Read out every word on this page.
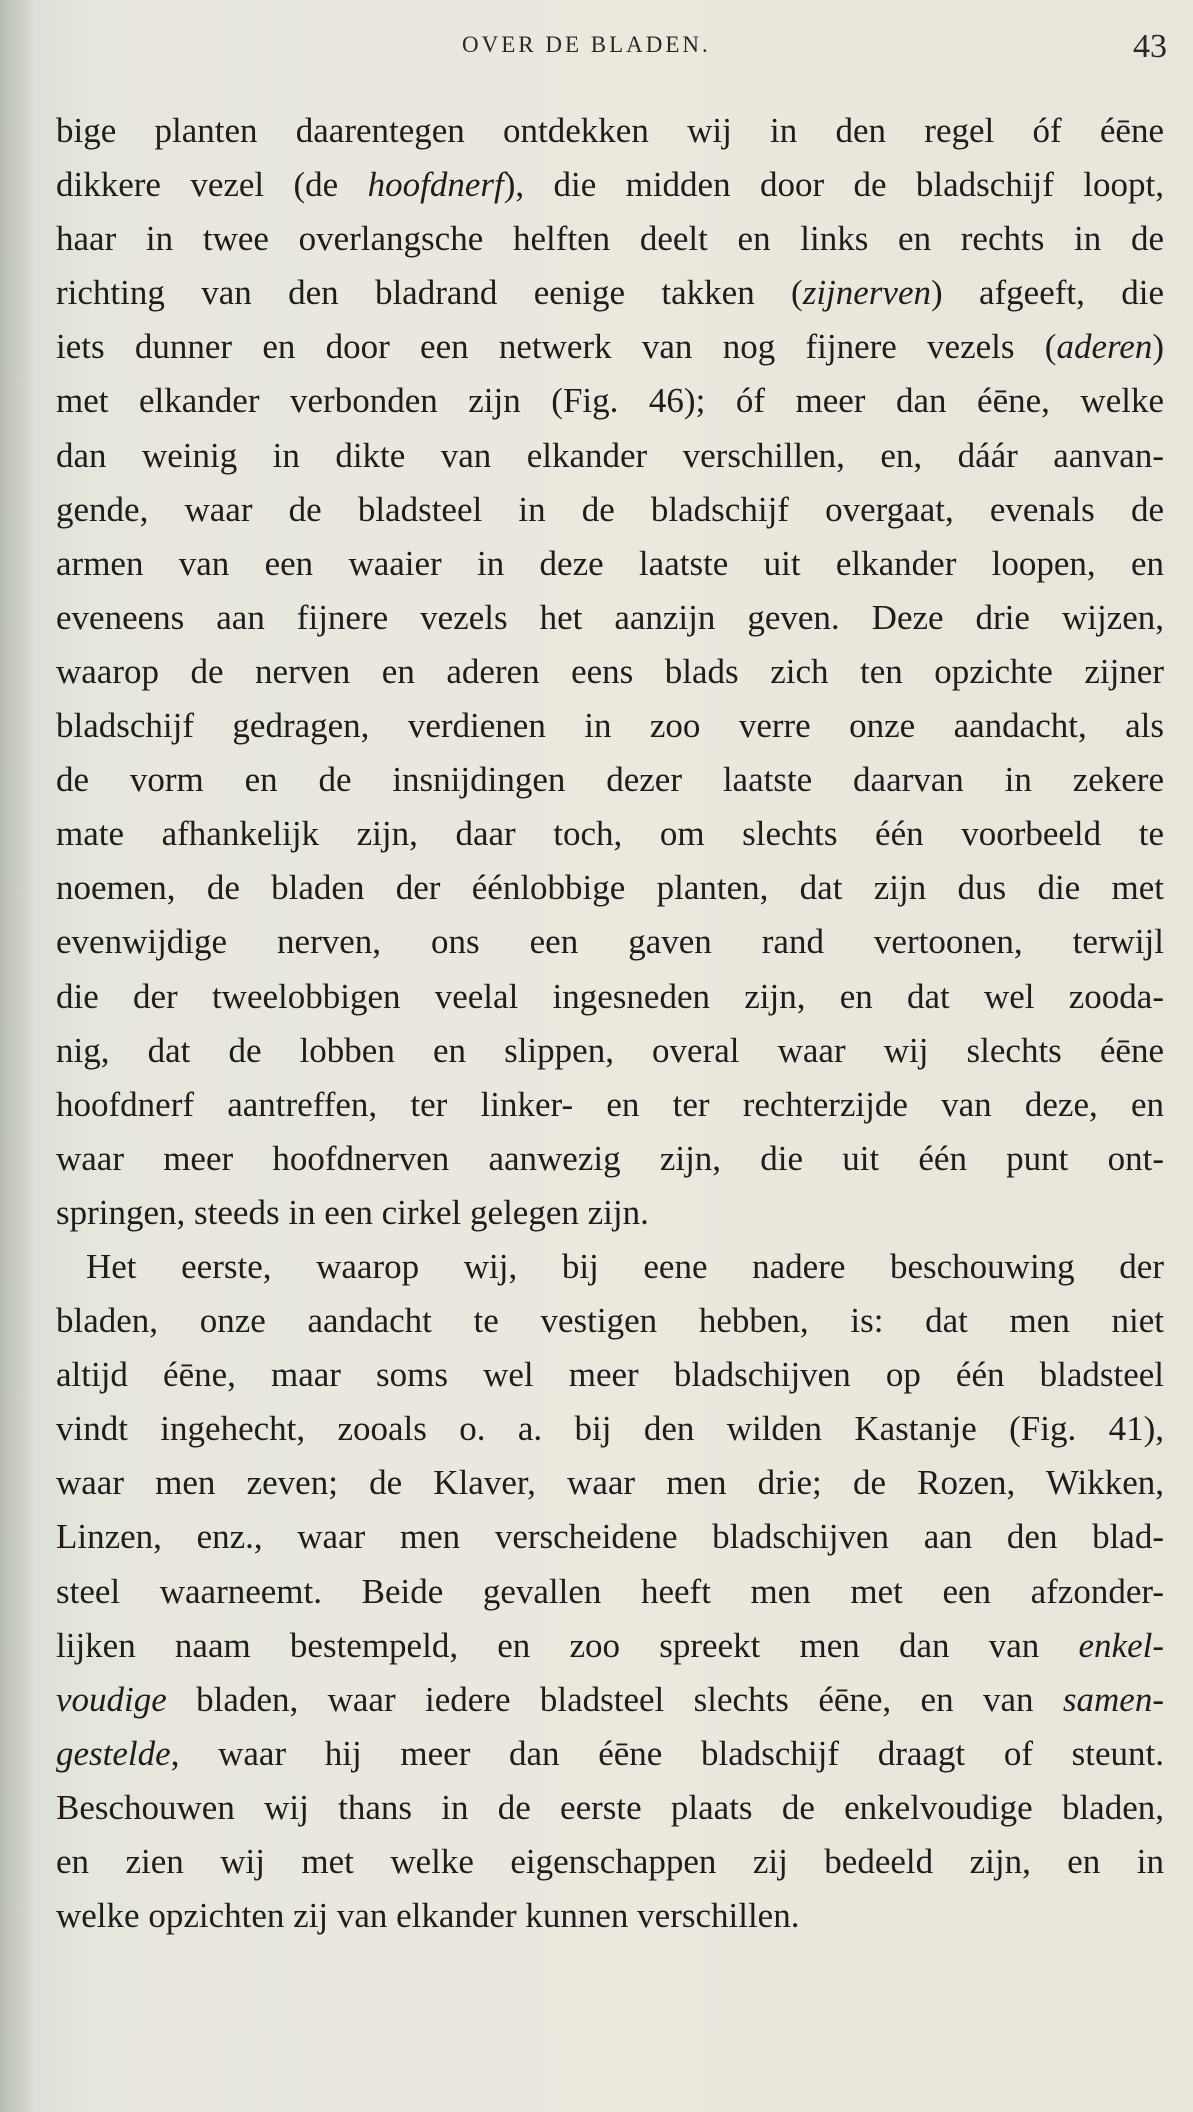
OVER DE BLADEN.	43
bige planten daarentegen ontdekken wij in den regel óf éēne
dikkere vezel (de hoofdnerf), die midden door de bladschijf loopt,
haar in twee overlangsche helften deelt en links en rechts in de
richting van den bladrand eenige takken (zijnerven) afgeeft, die
iets dunner en door een netwerk van nog fijnere vezels (aderen)
met elkander verbonden zijn (Fig. 46); óf meer dan éēne, welke
dan weinig in dikte van elkander verschillen, en, dáár aanvan-
gende, waar de bladsteel in de bladschijf overgaat, evenals de
armen van een waaier in deze laatste uit elkander loopen, en
eveneens aan fijnere vezels het aanzijn geven. Deze drie wijzen,
waarop de nerven en aderen eens blads zich ten opzichte zijner
bladschijf gedragen, verdienen in zoo verre onze aandacht, als
de vorm en de insnijdingen dezer laatste daarvan in zekere
mate afhankelijk zijn, daar toch, om slechts één voorbeeld te
noemen, de bladen der éénlobbige planten, dat zijn dus die met
evenwijdige nerven, ons een gaven rand vertoonen, terwijl
die der tweelobbigen veelal ingesneden zijn, en dat wel zooda-
nig, dat de lobben en slippen, overal waar wij slechts éēne
hoofdnerf aantreffen, ter linker- en ter rechterzijde van deze, en
waar meer hoofdnerven aanwezig zijn, die uit één punt ont-
springen, steeds in een cirkel gelegen zijn.
Het eerste, waarop wij, bij eene nadere beschouwing der
bladen, onze aandacht te vestigen hebben, is: dat men niet
altijd éēne, maar soms wel meer bladschijven op één bladsteel
vindt ingehecht, zooals o. a. bij den wilden Kastanje (Fig. 41),
waar men zeven; de Klaver, waar men drie; de Rozen, Wikken,
Linzen, enz., waar men verscheidene bladschijven aan den blad-
steel waarneemt. Beide gevallen heeft men met een afzonder-
lijken naam bestempeld, en zoo spreekt men dan van enkel-
voudige bladen, waar iedere bladsteel slechts éēne, en van samen-
gestelde, waar hij meer dan éēne bladschijf draagt of steunt.
Beschouwen wij thans in de eerste plaats de enkelvoudige bladen,
en zien wij met welke eigenschappen zij bedeeld zijn, en in
welke opzichten zij van elkander kunnen verschillen.
